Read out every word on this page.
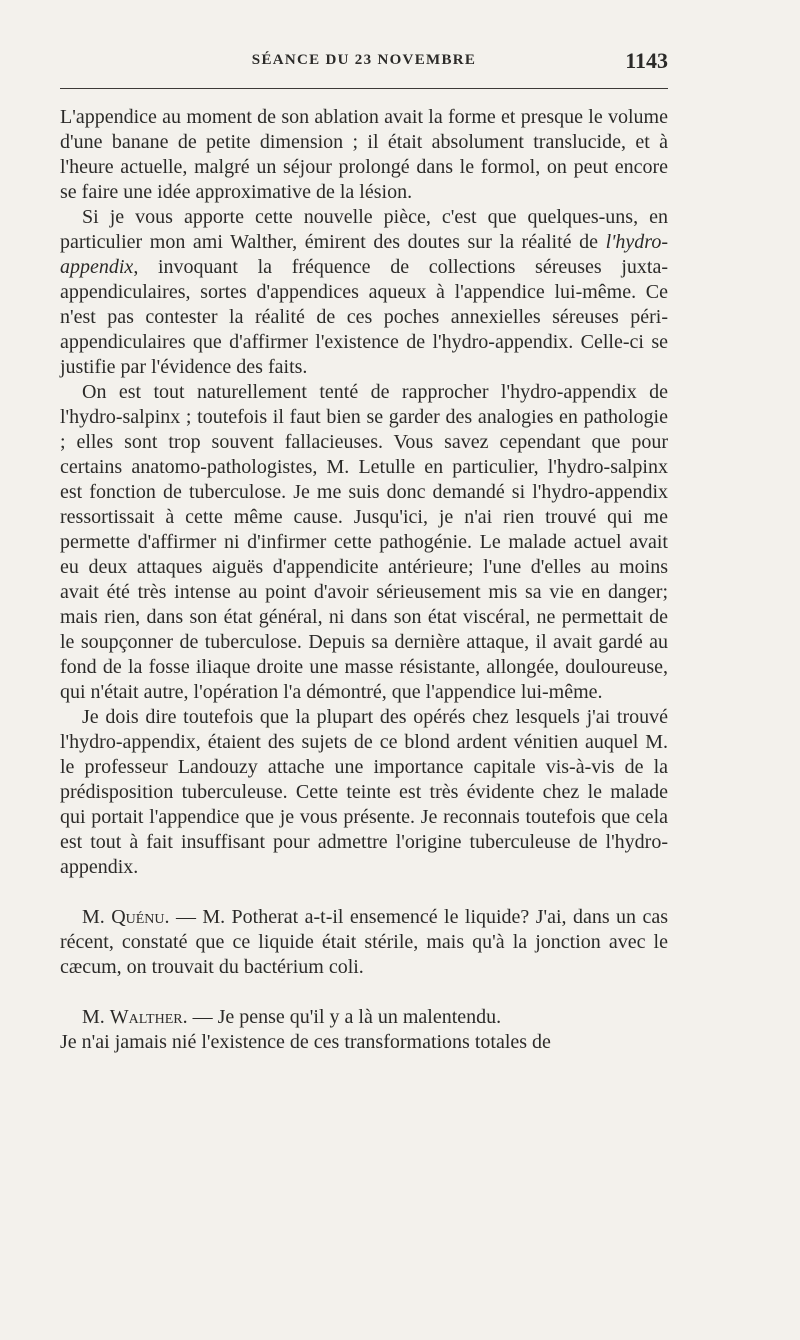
SÉANCE DU 23 NOVEMBRE	1143

L'appendice au moment de son ablation avait la forme et presque le volume d'une banane de petite dimension ; il était absolument translucide, et à l'heure actuelle, malgré un séjour prolongé dans le formol, on peut encore se faire une idée approximative de la lésion.

Si je vous apporte cette nouvelle pièce, c'est que quelques-uns, en particulier mon ami Walther, émirent des doutes sur la réalité de l'hydro-appendix, invoquant la fréquence de collections séreuses juxta-appendiculaires, sortes d'appendices aqueux à l'appendice lui-même. Ce n'est pas contester la réalité de ces poches annexielles séreuses péri-appendiculaires que d'affirmer l'existence de l'hydro-appendix. Celle-ci se justifie par l'évidence des faits.

On est tout naturellement tenté de rapprocher l'hydro-appendix de l'hydro-salpinx ; toutefois il faut bien se garder des analogies en pathologie ; elles sont trop souvent fallacieuses. Vous savez cependant que pour certains anatomo-pathologistes, M. Letulle en particulier, l'hydro-salpinx est fonction de tuberculose. Je me suis donc demandé si l'hydro-appendix ressortissait à cette même cause. Jusqu'ici, je n'ai rien trouvé qui me permette d'affirmer ni d'infirmer cette pathogénie. Le malade actuel avait eu deux attaques aiguës d'appendicite antérieure; l'une d'elles au moins avait été très intense au point d'avoir sérieusement mis sa vie en danger; mais rien, dans son état général, ni dans son état viscéral, ne permettait de le soupçonner de tuberculose. Depuis sa dernière attaque, il avait gardé au fond de la fosse iliaque droite une masse résistante, allongée, douloureuse, qui n'était autre, l'opération l'a démontré, que l'appendice lui-même.

Je dois dire toutefois que la plupart des opérés chez lesquels j'ai trouvé l'hydro-appendix, étaient des sujets de ce blond ardent vénitien auquel M. le professeur Landouzy attache une importance capitale vis-à-vis de la prédisposition tuberculeuse. Cette teinte est très évidente chez le malade qui portait l'appendice que je vous présente. Je reconnais toutefois que cela est tout à fait insuffisant pour admettre l'origine tuberculeuse de l'hydro-appendix.

M. Quénu. — M. Potherat a-t-il ensemencé le liquide? J'ai, dans un cas récent, constaté que ce liquide était stérile, mais qu'à la jonction avec le cæcum, on trouvait du bactérium coli.

M. Walther. — Je pense qu'il y a là un malentendu.

Je n'ai jamais nié l'existence de ces transformations totales de
